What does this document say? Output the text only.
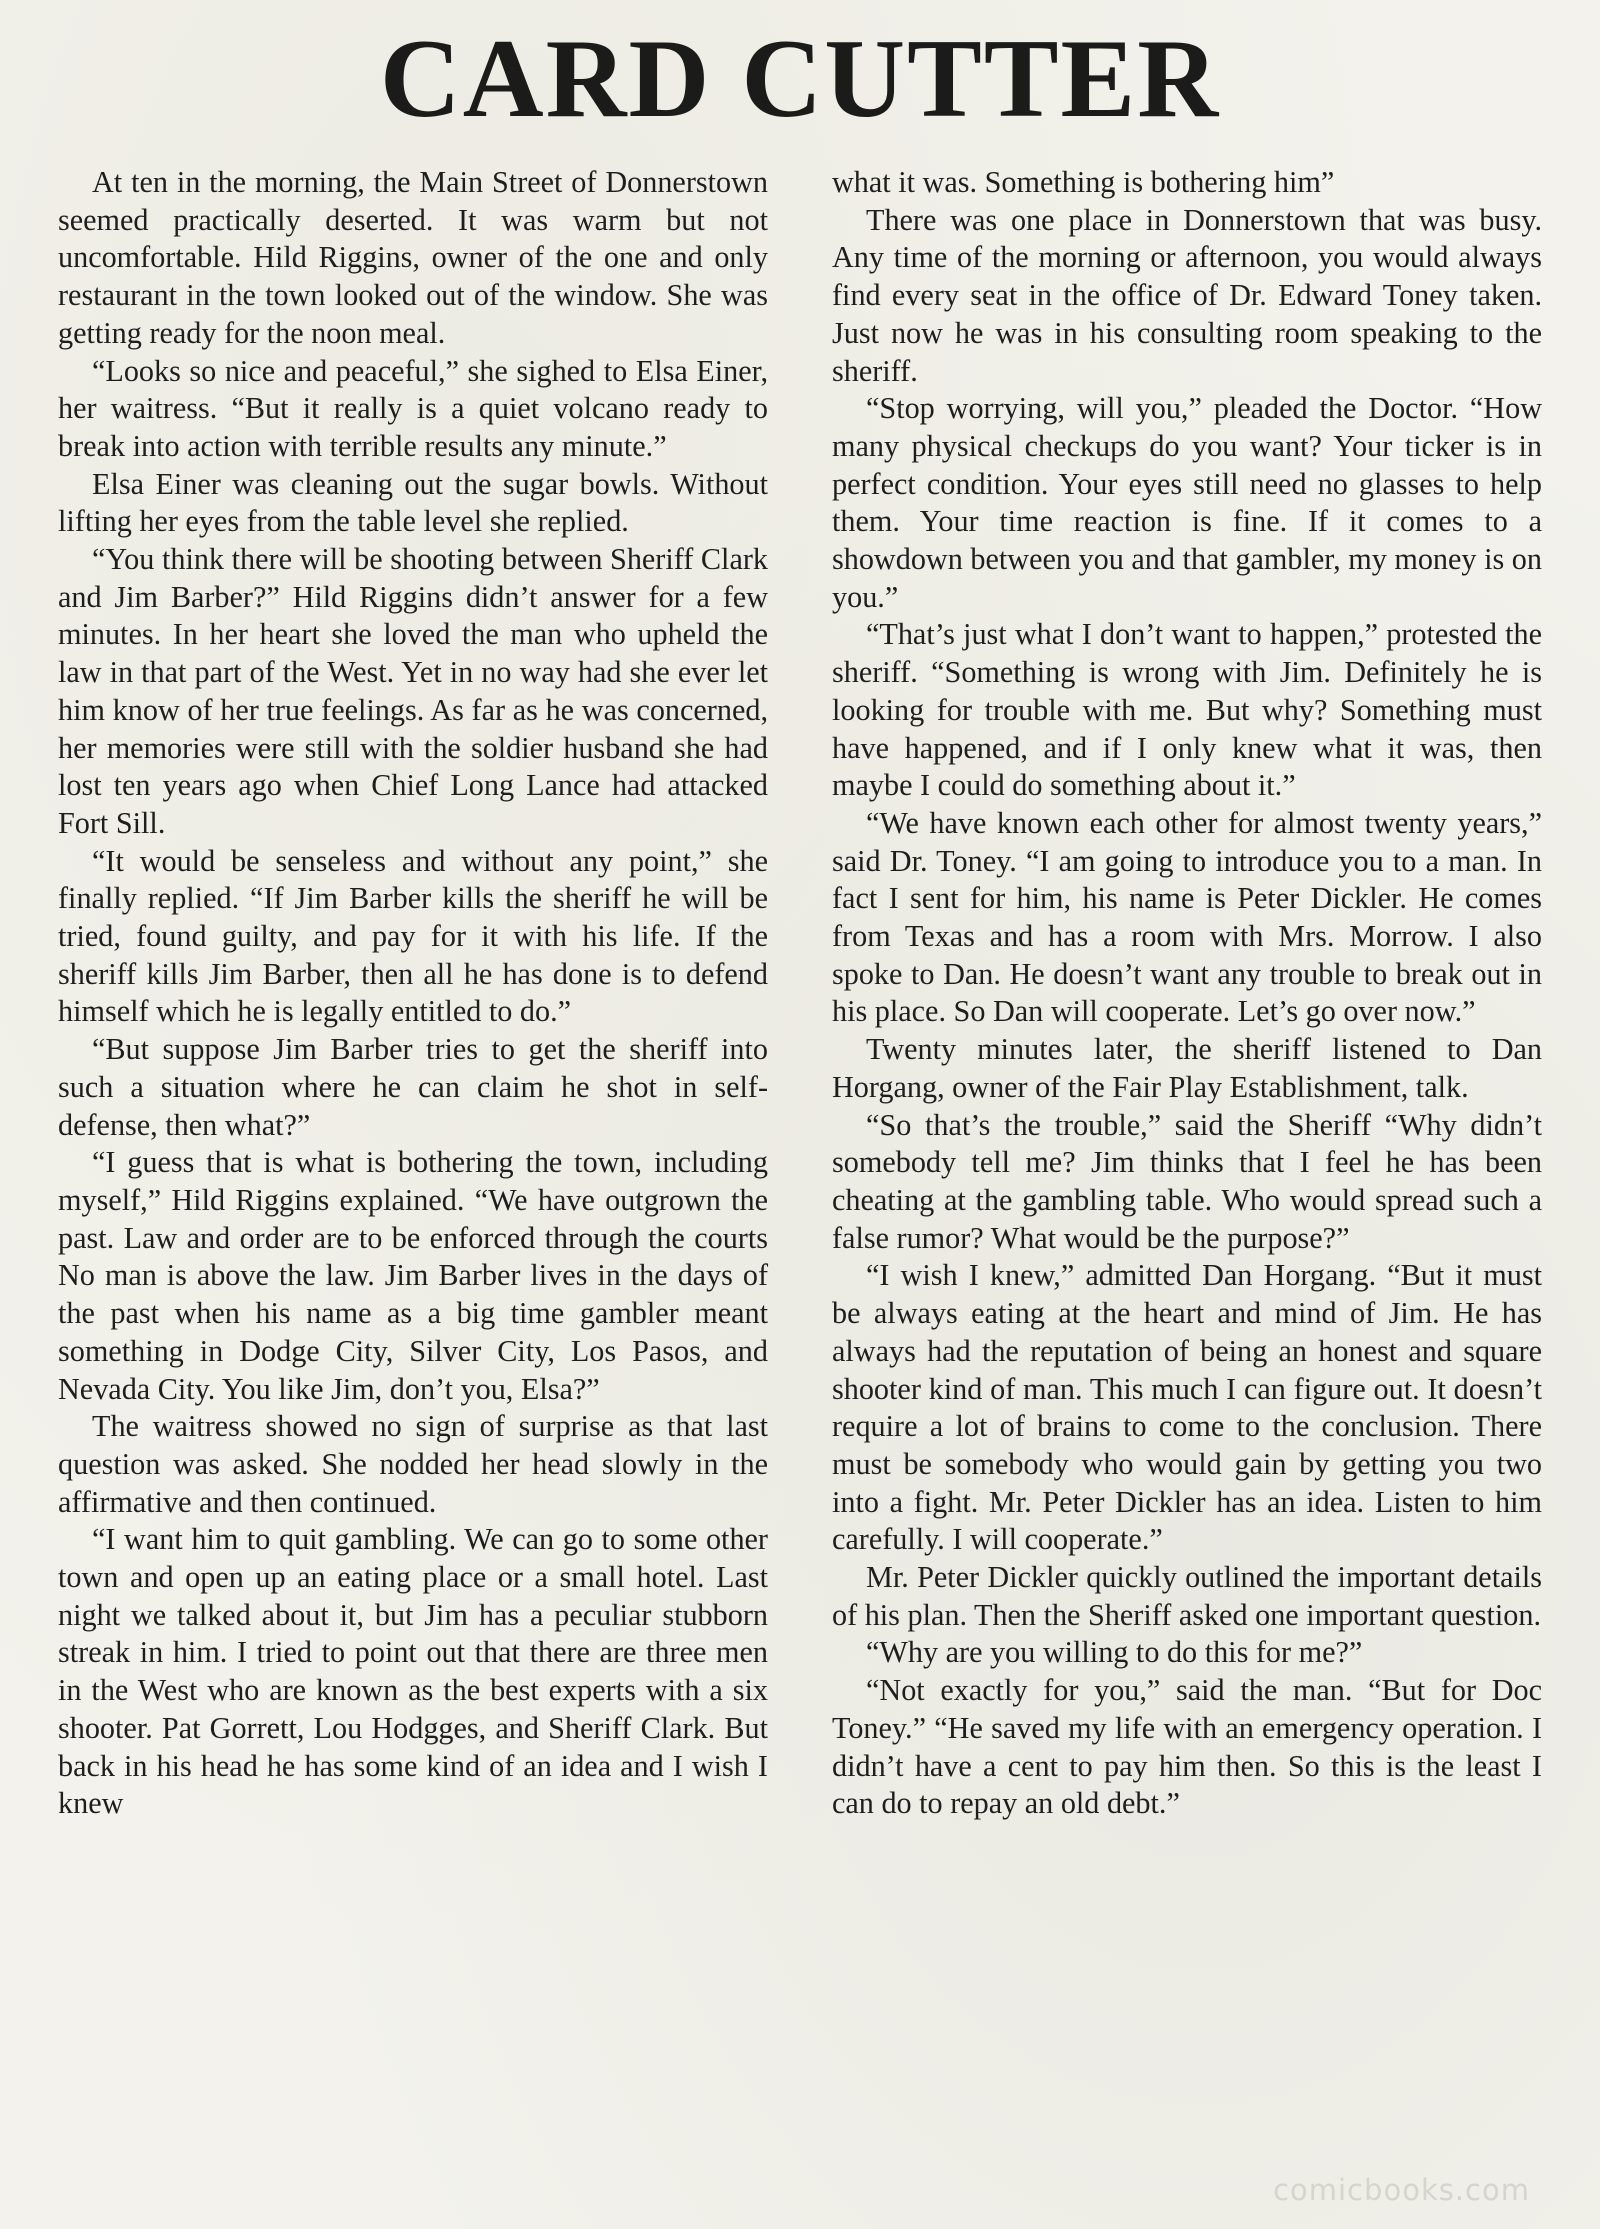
CARD CUTTER

At ten in the morning, the Main Street of Donnerstown seemed practically deserted. It was warm but not uncomfortable. Hild Riggins, owner of the one and only restaurant in the town looked out of the window. She was getting ready for the noon meal.

“Looks so nice and peaceful,” she sighed to Elsa Einer, her waitress. “But it really is a quiet volcano ready to break into action with terrible results any minute.”

Elsa Einer was cleaning out the sugar bowls. Without lifting her eyes from the table level she replied.

“You think there will be shooting between Sheriff Clark and Jim Barber?” Hild Riggins didn’t answer for a few minutes. In her heart she loved the man who upheld the law in that part of the West. Yet in no way had she ever let him know of her true feelings. As far as he was concerned, her memories were still with the soldier husband she had lost ten years ago when Chief Long Lance had attacked Fort Sill.

“It would be senseless and without any point,” she finally replied. “If Jim Barber kills the sheriff he will be tried, found guilty, and pay for it with his life. If the sheriff kills Jim Barber, then all he has done is to defend himself which he is legally entitled to do.”

“But suppose Jim Barber tries to get the sheriff into such a situation where he can claim he shot in self-defense, then what?”

“I guess that is what is bothering the town, including myself,” Hild Riggins explained. “We have outgrown the past. Law and order are to be enforced through the courts No man is above the law. Jim Barber lives in the days of the past when his name as a big time gambler meant something in Dodge City, Silver City, Los Pasos, and Nevada City. You like Jim, don’t you, Elsa?”

The waitress showed no sign of surprise as that last question was asked. She nodded her head slowly in the affirmative and then continued.

“I want him to quit gambling. We can go to some other town and open up an eating place or a small hotel. Last night we talked about it, but Jim has a peculiar stubborn streak in him. I tried to point out that there are three men in the West who are known as the best experts with a six shooter. Pat Gorrett, Lou Hodgges, and Sheriff Clark. But back in his head he has some kind of an idea and I wish I knew

what it was. Something is bothering him”

There was one place in Donnerstown that was busy. Any time of the morning or afternoon, you would always find every seat in the office of Dr. Edward Toney taken. Just now he was in his consulting room speaking to the sheriff.

“Stop worrying, will you,” pleaded the Doctor. “How many physical checkups do you want? Your ticker is in perfect condition. Your eyes still need no glasses to help them. Your time reaction is fine. If it comes to a showdown between you and that gambler, my money is on you.”

“That’s just what I don’t want to happen,” protested the sheriff. “Something is wrong with Jim. Definitely he is looking for trouble with me. But why? Something must have happened, and if I only knew what it was, then maybe I could do something about it.”

“We have known each other for almost twenty years,” said Dr. Toney. “I am going to introduce you to a man. In fact I sent for him, his name is Peter Dickler. He comes from Texas and has a room with Mrs. Morrow. I also spoke to Dan. He doesn’t want any trouble to break out in his place. So Dan will cooperate. Let’s go over now.”

Twenty minutes later, the sheriff listened to Dan Horgang, owner of the Fair Play Establishment, talk.

“So that’s the trouble,” said the Sheriff “Why didn’t somebody tell me? Jim thinks that I feel he has been cheating at the gambling table. Who would spread such a false rumor? What would be the purpose?”

“I wish I knew,” admitted Dan Horgang. “But it must be always eating at the heart and mind of Jim. He has always had the reputation of being an honest and square shooter kind of man. This much I can figure out. It doesn’t require a lot of brains to come to the conclusion. There must be somebody who would gain by getting you two into a fight. Mr. Peter Dickler has an idea. Listen to him carefully. I will cooperate.”

Mr. Peter Dickler quickly outlined the important details of his plan. Then the Sheriff asked one important question.

“Why are you willing to do this for me?”

“Not exactly for you,” said the man. “But for Doc Toney.” “He saved my life with an emergency operation. I didn’t have a cent to pay him then. So this is the least I can do to repay an old debt.”

comicbooks.com
